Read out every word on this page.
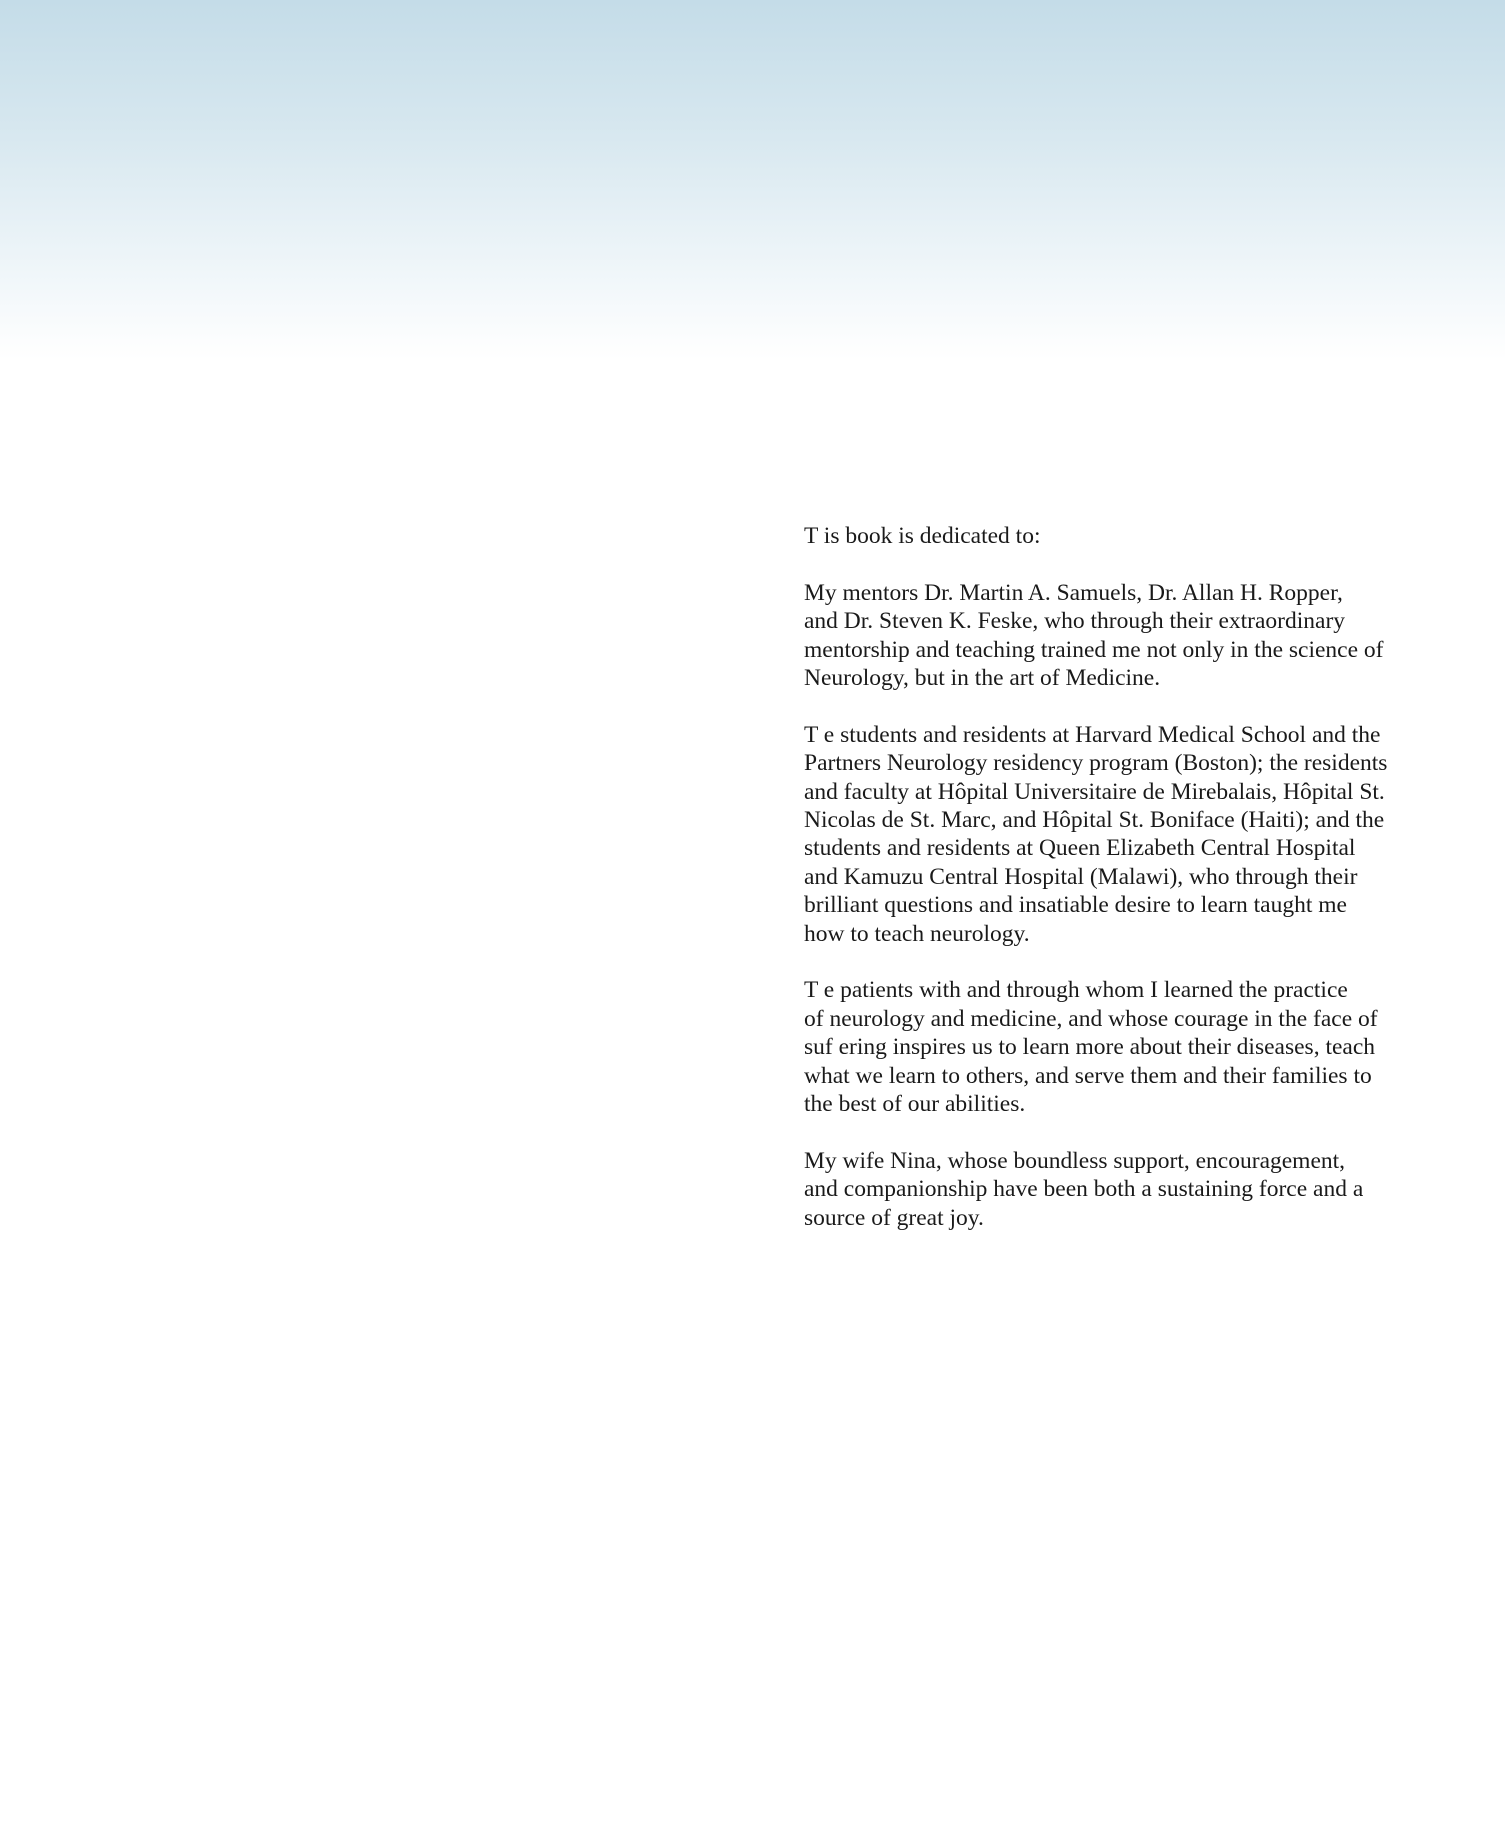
T is book is dedicated to:

My mentors Dr. Martin A. Samuels, Dr. Allan H. Ropper,
and Dr. Steven K. Feske, who through their extraordinary
mentorship and teaching trained me not only in the science of
Neurology, but in the art of Medicine.

T e students and residents at Harvard Medical School and the
Partners Neurology residency program (Boston); the residents
and faculty at Hôpital Universitaire de Mirebalais, Hôpital St.
Nicolas de St. Marc, and Hôpital St. Boniface (Haiti); and the
students and residents at Queen Elizabeth Central Hospital
and Kamuzu Central Hospital (Malawi), who through their
brilliant questions and insatiable desire to learn taught me
how to teach neurology.

T e patients with and through whom I learned the practice
of neurology and medicine, and whose courage in the face of
suf ering inspires us to learn more about their diseases, teach
what we learn to others, and serve them and their families to
the best of our abilities.

My wife Nina, whose boundless support, encouragement,
and companionship have been both a sustaining force and a
source of great joy.
